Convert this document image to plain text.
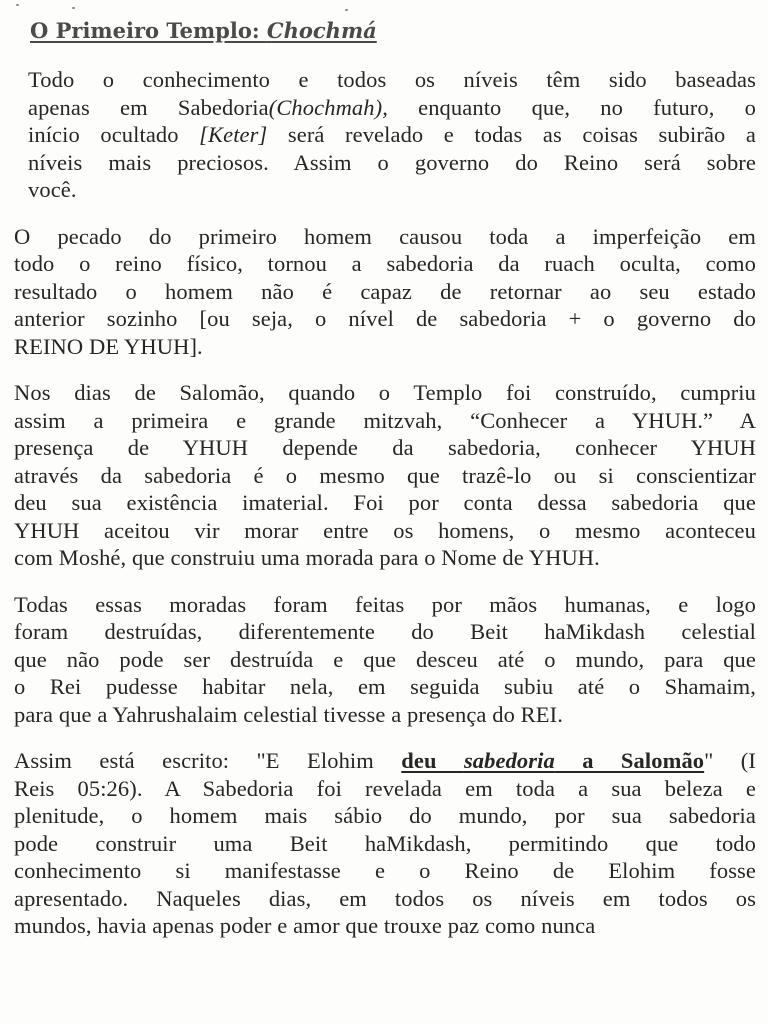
O Primeiro Templo: Chochmá

Todo o conhecimento e todos os níveis têm sido baseadas
apenas em Sabedoria(Chochmah), enquanto que, no futuro, o
início ocultado [Keter] será revelado e todas as coisas subirão a
níveis mais preciosos. Assim o governo do Reino será sobre
você.

O pecado do primeiro homem causou toda a imperfeição em
todo o reino físico, tornou a sabedoria da ruach oculta, como
resultado o homem não é capaz de retornar ao seu estado
anterior sozinho [ou seja, o nível de sabedoria + o governo do
REINO DE YHUH].

Nos dias de Salomão, quando o Templo foi construído, cumpriu
assim a primeira e grande mitzvah, “Conhecer a YHUH.” A
presença de YHUH depende da sabedoria, conhecer YHUH
através da sabedoria é o mesmo que trazê-lo ou si conscientizar
deu sua existência imaterial. Foi por conta dessa sabedoria que
YHUH aceitou vir morar entre os homens, o mesmo aconteceu
com Moshé, que construiu uma morada para o Nome de YHUH.

Todas essas moradas foram feitas por mãos humanas, e logo
foram destruídas, diferentemente do Beit haMikdash celestial
que não pode ser destruída e que desceu até o mundo, para que
o Rei pudesse habitar nela, em seguida subiu até o Shamaim,
para que a Yahrushalaim celestial tivesse a presença do REI.

Assim está escrito: "E Elohim deu sabedoria a Salomão" (I
Reis 05:26). A Sabedoria foi revelada em toda a sua beleza e
plenitude, o homem mais sábio do mundo, por sua sabedoria
pode construir uma Beit haMikdash, permitindo que todo
conhecimento si manifestasse e o Reino de Elohim fosse
apresentado. Naqueles dias, em todos os níveis em todos os
mundos, havia apenas poder e amor que trouxe paz como nunca
